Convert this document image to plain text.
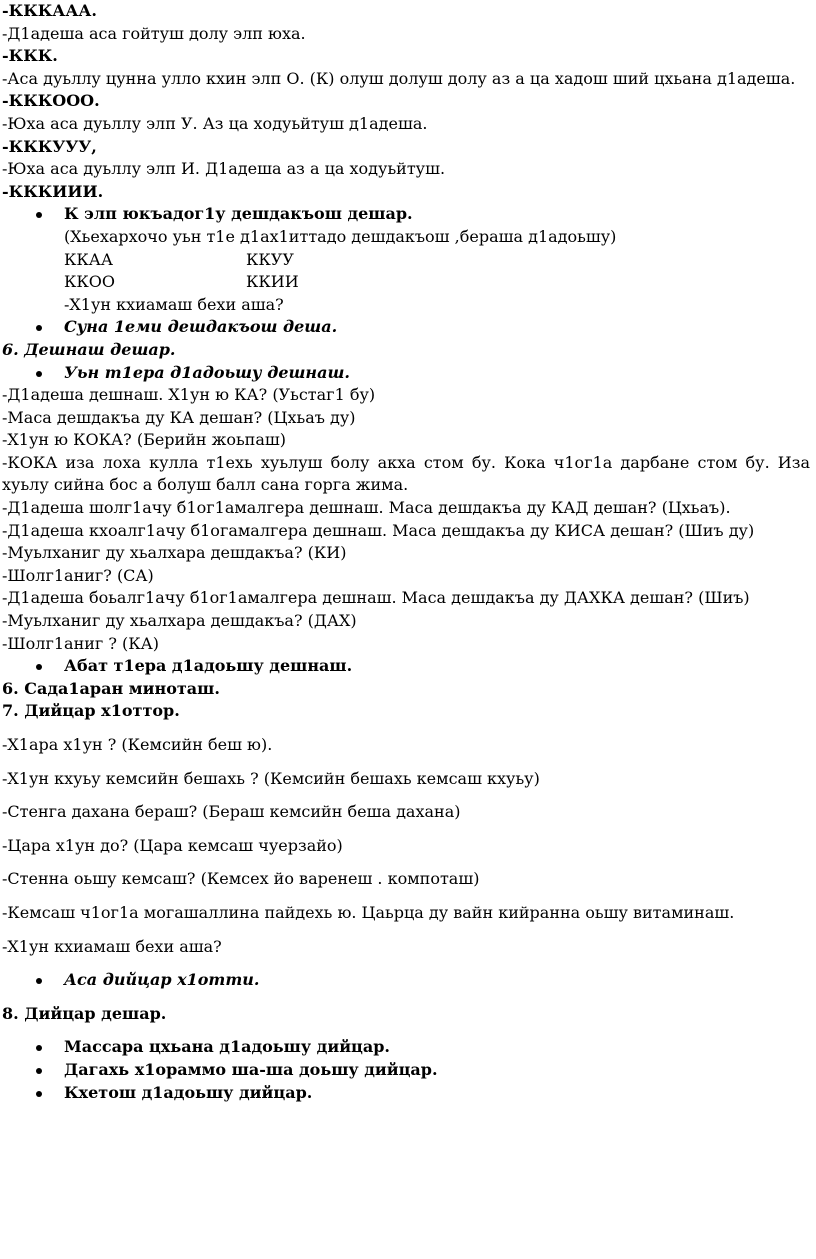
-КККААА.
-Д1адеша аса гойтуш долу элп юха.
-ККК.
-Аса дуьллу цунна улло кхин элп О. (К) олуш долуш долу аз а ца хадош ший цхьана д1адеша.
-КККООО.
-Юха аса дуьллу элп У. Аз ца ходуьйтуш д1адеша.
-КККУУУ,
-Юха аса дуьллу элп И. Д1адеша аз а ца ходуьйтуш.
-КККИИИ.
К элп юкъадог1у дешдакъош дешар.
(Хьехархочо уьн т1е д1ах1иттадо дешдакъош ,бераша д1адоьшу)
ККАА	ККУУ
ККОО	ККИИ
-Х1ун кхиамаш бехи аша?
Суна 1еми дешдакъош деша.
6. Дешнаш дешар.
Уьн т1ера д1адоьшу дешнаш.
-Д1адеша дешнаш. Х1ун ю КА? (Уьстаг1 бу)
-Маса дешдакъа ду КА дешан? (Цхьаъ ду)
-Х1ун ю КОКА? (Берийн жоьпаш)
-КОКА иза лоха кулла т1ехь хуьлуш болу акха стом бу. Кока ч1ог1а дарбане стом бу. Иза хуьлу сийна бос а болуш балл сана горга жима.
-Д1адеша шолг1ачу б1ог1амалгера дешнаш. Маса дешдакъа ду КАД дешан? (Цхьаъ).
-Д1адеша кхоалг1ачу б1огамалгера дешнаш. Маса дешдакъа ду КИСА дешан? (Шиъ ду)
-Муьлханиг ду хьалхара дешдакъа? (КИ)
-Шолг1аниг? (СА)
-Д1адеша боьалг1ачу б1ог1амалгера дешнаш. Маса дешдакъа ду ДАХКА дешан? (Шиъ)
-Муьлханиг ду хьалхара дешдакъа? (ДАХ)
-Шолг1аниг ? (КА)
Абат т1ера д1адоьшу дешнаш.
6. Сада1аран миноташ.
7. Дийцар х1оттор.
-Х1ара х1ун ? (Кемсийн беш ю).
-Х1ун кхуьу кемсийн бешахь ? (Кемсийн бешахь кемсаш кхуьу)
-Стенга дахана бераш? (Бераш кемсийн беша дахана)
-Цара х1ун до? (Цара кемсаш чуерзайо)
-Стенна оьшу кемсаш? (Кемсех йо варенеш . компоташ)
-Кемсаш ч1ог1а могашаллина пайдехь ю. Цаьрца ду вайн кийранна оьшу витаминаш.
-Х1ун кхиамаш бехи аша?
Аса дийцар х1отти.
8. Дийцар дешар.
Массара цхьана д1адоьшу дийцар.
Дагахь х1ораммо ша-ша доьшу дийцар.
Кхетош д1адоьшу дийцар.
